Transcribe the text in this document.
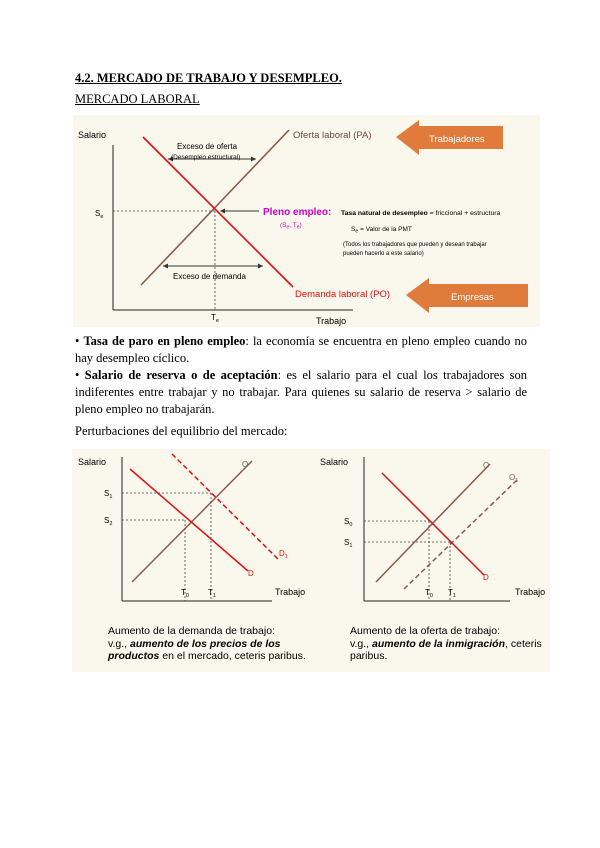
4.2. MERCADO DE TRABAJO Y DESEMPLEO.
MERCADO LABORAL
Salario
Trabajo
$S_e$
$T_e$
Exceso de oferta
(Desempleo estructural)
Exceso de demanda
Oferta laboral (PA)
Demanda laboral (PO)
Pleno empleo:
($S_e$, $T_e$)
Tasa natural de desempleo = friccional + estructura
$S_e$ = Valor de la PMT
(Todos los trabajadores que pueden y desean trabajar
pueden hacerlo a este salario)
Trabajadores
Empresas
• Tasa de paro en pleno empleo: la economía se encuentra en pleno empleo cuando no hay desempleo cíclico.
• Salario de reserva o de aceptación: es el salario para el cual los trabajadores son indiferentes entre trabajar y no trabajar. Para quienes su salario de reserva > salario de pleno empleo no trabajarán.
Perturbaciones del equilibrio del mercado:
Salario
Trabajo
$S_1$
$S_2$
$T_0$ $T_1$
O
D
$D_1$
Salario
Trabajo
$S_0$
$S_1$
$T_0$ $T_1$
O
$O_1$
D
Aumento de la demanda de trabajo:
v.g., aumento de los precios de los
productos en el mercado, ceteris paribus.
Aumento de la oferta de trabajo:
v.g., aumento de la inmigración, ceteris
paribus.
